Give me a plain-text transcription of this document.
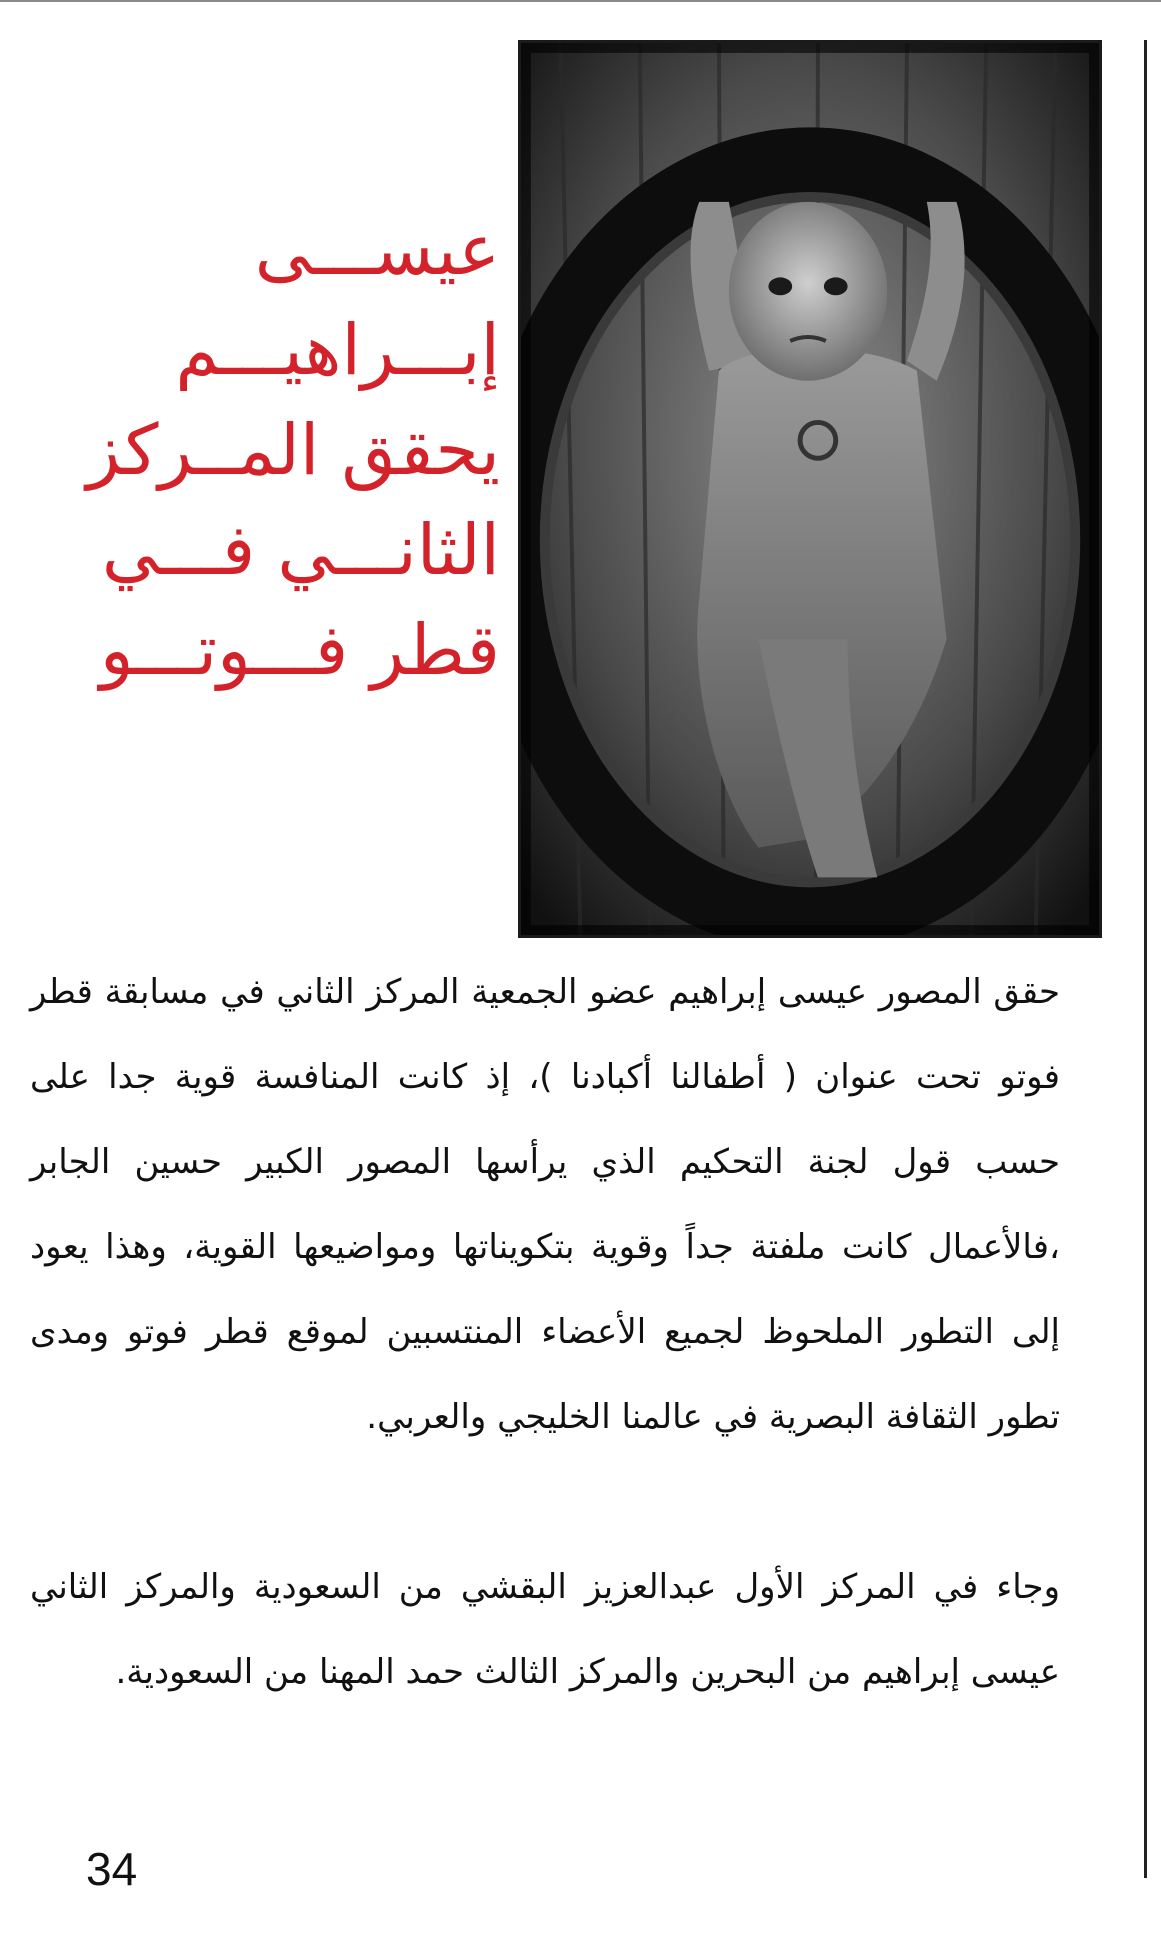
عيســـى
إبـــراهيـــم
يحقق المــركز
الثانـــي فـــي
قطر فـــوتـــو

حقق المصور عيسى إبراهيم عضو الجمعية المركز الثاني في مسابقة قطر فوتو تحت عنوان ( أطفالنا أكبادنا )، إذ كانت المنافسة قوية جدا على حسب قول لجنة التحكيم الذي يرأسها المصور الكبير حسين الجابر ،فالأعمال كانت ملفتة جداً وقوية بتكويناتها ومواضيعها القوية، وهذا يعود إلى التطور الملحوظ لجميع الأعضاء المنتسبين لموقع قطر فوتو ومدى تطور الثقافة البصرية في عالمنا الخليجي والعربي.

وجاء في المركز الأول عبدالعزيز البقشي من السعودية والمركز الثاني عيسى إبراهيم من البحرين والمركز الثالث حمد المهنا من السعودية.

34
